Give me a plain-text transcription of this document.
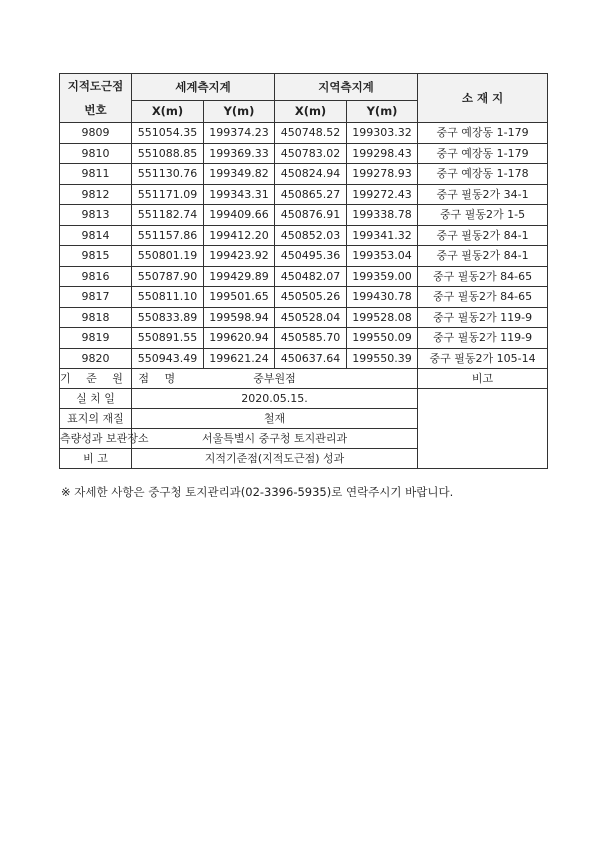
지적도근점
번호	세계측지계		지역측지계		소 재 지
	X(m)	Y(m)	X(m)	Y(m)	
9809	551054.35	199374.23	450748.52	199303.32	중구 예장동 1-179
9810	551088.85	199369.33	450783.02	199298.43	중구 예장동 1-179
9811	551130.76	199349.82	450824.94	199278.93	중구 예장동 1-178
9812	551171.09	199343.31	450865.27	199272.43	중구 필동2가 34-1
9813	551182.74	199409.66	450876.91	199338.78	중구 필동2가 1-5
9814	551157.86	199412.20	450852.03	199341.32	중구 필동2가 84-1
9815	550801.19	199423.92	450495.36	199353.04	중구 필동2가 84-1
9816	550787.90	199429.89	450482.07	199359.00	중구 필동2가 84-65
9817	550811.10	199501.65	450505.26	199430.78	중구 필동2가 84-65
9818	550833.89	199598.94	450528.04	199528.08	중구 필동2가 119-9
9819	550891.55	199620.94	450585.70	199550.09	중구 필동2가 119-9
9820	550943.49	199621.24	450637.64	199550.39	중구 필동2가 105-14
기 준 원 점 명	중부원점				비고
실 치 일	2020.05.15.				
표지의 재질	철재				
측량성과 보관장소	서울특별시 중구청 토지관리과				
비 고	지적기준점(지적도근점) 성과				
※ 자세한 사항은 중구청 토지관리과(02-3396-5935)로 연락주시기 바랍니다.
